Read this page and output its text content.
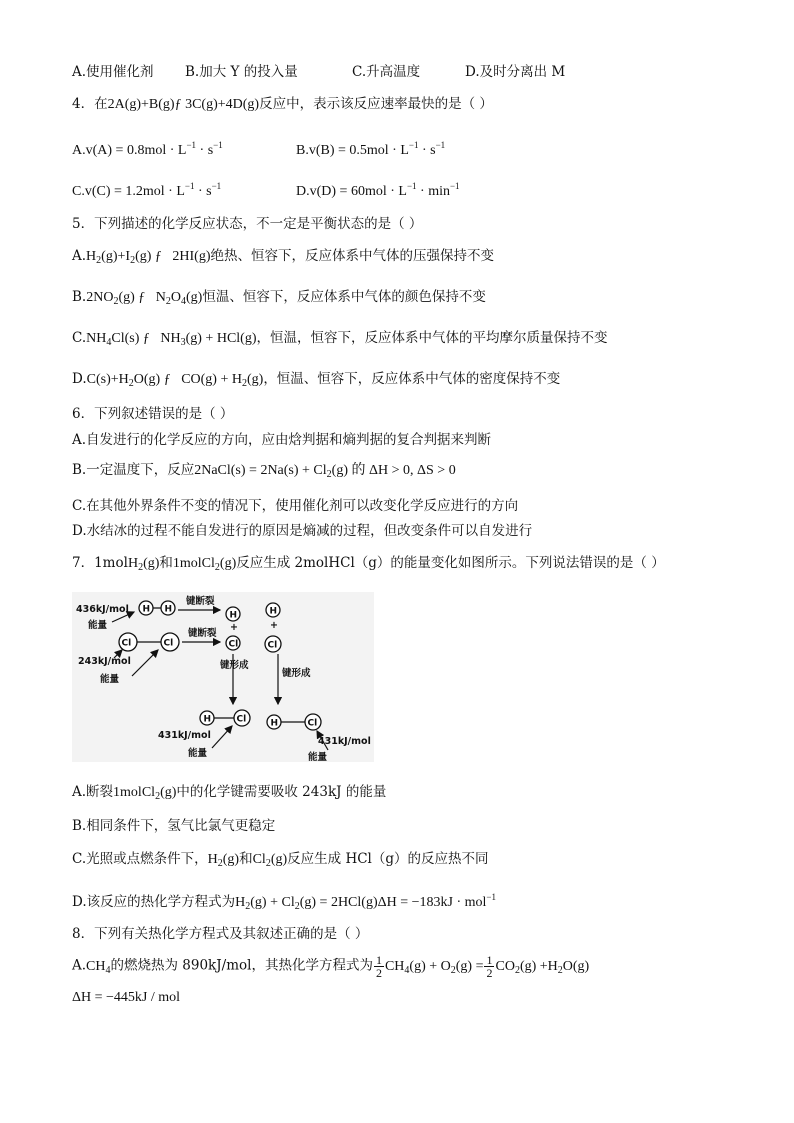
A.使用催化剂 B.加大 Y 的投入量	C.升高温度	D.及时分离出 M
4．在2A(g)+B(g)ƒ 3C(g)+4D(g)反应中，表示该反应速率最快的是（ ）
$A.v(A) = 0.8mol \cdot L^{-1} \cdot s^{-1}$	$B.v(B) = 0.5mol \cdot L^{-1} \cdot s^{-1}$
$C.v(C) = 1.2mol \cdot L^{-1} \cdot s^{-1}$	$D.v(D) = 60mol \cdot L^{-1} \cdot \min^{-1}$
5．下列描述的化学反应状态，不一定是平衡状态的是（ ）
$A.H_2(g)+I_2(g)$ ƒ   2HI(g)绝热、恒容下，反应体系中气体的压强保持不变
$B.2NO_2(g)$ ƒ   $N_2O_4(g)$恒温、恒容下，反应体系中气体的颜色保持不变
$C.NH_4Cl(s)$ ƒ   $NH_3(g) + HCl(g)$，恒温，恒容下，反应体系中气体的平均摩尔质量保持不变
$D.C(s)+H_2O(g)$ ƒ   $CO(g) + H_2(g)$，恒温、恒容下，反应体系中气体的密度保持不变
6．下列叙述错误的是（ ）
A.自发进行的化学反应的方向，应由焓判据和熵判据的复合判据来判断
B.一定温度下，反应2NaCl(s) = $2Na(s) + Cl_2(g)$ 的 ΔH > 0, ΔS > 0
C.在其他外界条件不变的情况下，使用催化剂可以改变化学反应进行的方向
D.水结冰的过程不能自发进行的原因是熵减的过程，但改变条件可以自发进行
7．1molH$_2$(g)和1molCl$_2$(g)反应生成 2molHCl（g）的能量变化如图所示。下列说法错误的是（ ）
436kJ/mol
能量
243kJ/mol
能量
H H
键断裂
H
+
Cl
Cl	Cl
键断裂
H
+
Cl
键形成
键形成
H	Cl	H	Cl
431kJ/mol
能量
431kJ/mol
能量
A.断裂1molCl$_2$(g)中的化学键需要吸收 243kJ 的能量
B.相同条件下，氢气比氯气更稳定
C.光照或点燃条件下，$H_2(g)$和$Cl_2(g)$反应生成 HCl（g）的反应热不同
D.该反应的热化学方程式为$H_2(g) + Cl_2(g) = 2HCl(g)\Delta H = -183kJ \cdot mol^{-1}$
8．下列有关热化学方程式及其叙述正确的是（ ）
$A.CH_4$的燃烧热为 890kJ/mol，其热化学方程式为 $\frac{1}{2} CH_4(g) + O_2(g) = \frac{1}{2} CO_2(g) +H_2O(g)$
ΔH = −445kJ / mol
